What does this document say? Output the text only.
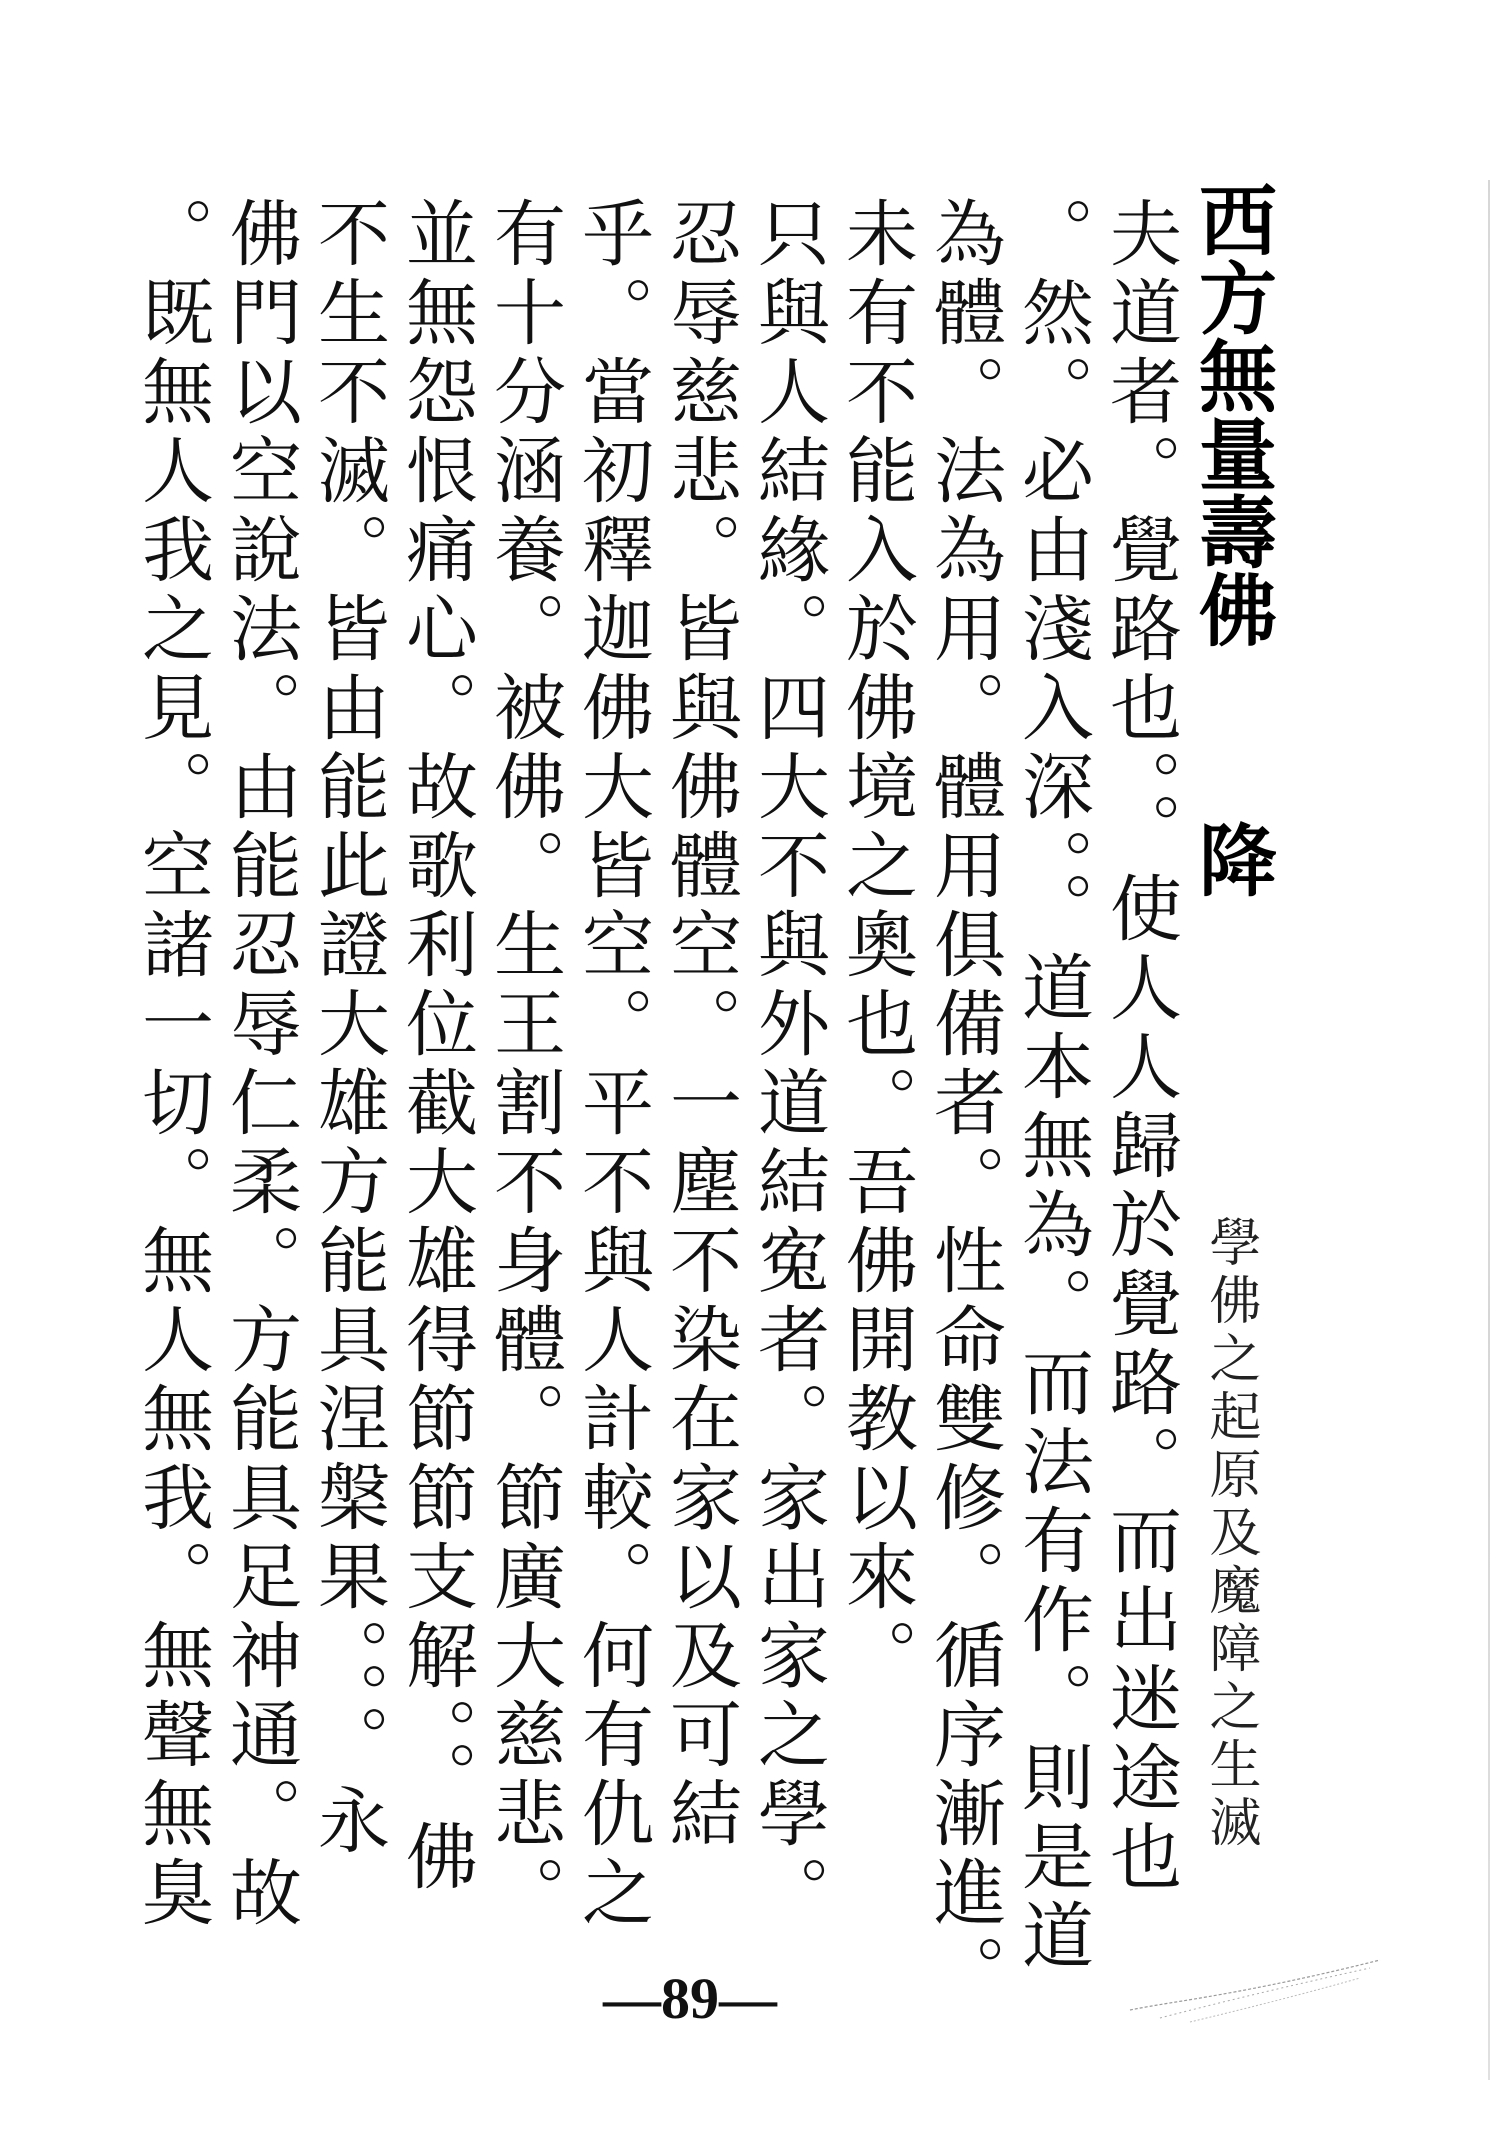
西方無量壽佛
降
夫道者。覺路也。。使人人歸於覺路。而出迷途也
。然。必由淺入深。。道本無為。而法有作。則是道
為體。法為用。體用俱備者。性命雙修。循序漸進。
未有不能入於佛境之奧也。吾佛開教以來。
只與人結緣。四大不與外道結寃者。家出家之學。
忍辱慈悲。皆與佛體空。一塵不染在家以及可結
乎。當初釋迦佛大皆空。平不與人計較。何有仇之
有十分涵養。被佛。生王割不身體。節廣大慈悲。
並無怨恨痛心。故歌利位截大雄得節節支解。。佛
不生不滅。皆由能此證大雄方能具涅槃果。。。永
佛門以空說法。由能忍辱仁柔。方能具足神通。故
。既無人我之見。空諸一切。無人無我。無聲無臭	學佛之起原及魔障之生滅
—89—
